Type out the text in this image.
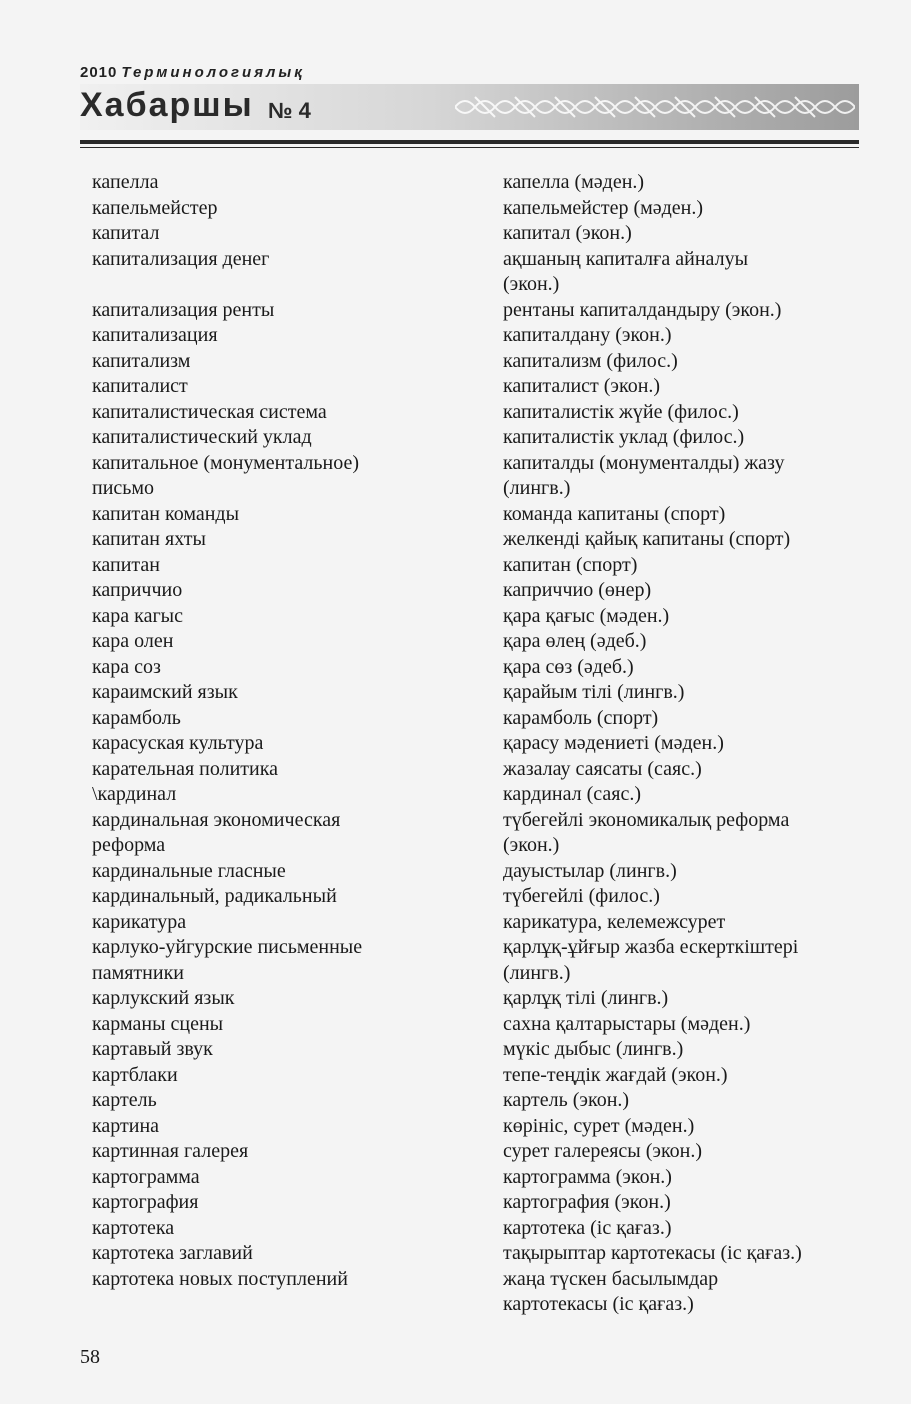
2010 Терминологиялық
Хабаршы № 4
капелла
капельмейстер
капитал
капитализация денег

капитализация ренты
капитализация
капитализм
капиталист
капиталистическая система
капиталистический уклад
капитальное (монументальное)
письмо
капитан команды
капитан яхты
капитан
каприччио
кара кагыс
кара олен
кара соз
караимский язык
карамболь
карасуская культура
карательная политика
\кардинал
кардинальная экономическая
реформа
кардинальные гласные
кардинальный, радикальный
карикатура
карлуко-уйгурские письменные
памятники
карлукский язык
карманы сцены
картавый звук
картблаки
картель
картина
картинная галерея
картограмма
картография
картотека
картотека заглавий
картотека новых поступлений
капелла (мәден.)
капельмейстер (мәден.)
капитал (экон.)
ақшаның капиталға айналуы
(экон.)
рентаны капиталдандыру (экон.)
капиталдану (экон.)
капитализм (филос.)
капиталист (экон.)
капиталистік жүйе (филос.)
капиталистік уклад (филос.)
капиталды (монументалды) жазу
(лингв.)
команда капитаны (спорт)
желкенді қайық капитаны (спорт)
капитан (спорт)
каприччио (өнер)
қара қағыс (мәден.)
қара өлең (әдеб.)
қара сөз (әдеб.)
қарайым тілі (лингв.)
карамболь (спорт)
қарасу мәдениеті (мәден.)
жазалау саясаты (саяс.)
кардинал (саяс.)
түбегейлі экономикалық реформа
(экон.)
дауыстылар (лингв.)
түбегейлі (филос.)
карикатура, келемежсурет
қарлұқ-ұйғыр жазба ескерткіштері
(лингв.)
қарлұқ тілі (лингв.)
сахна қалтарыстары (мәден.)
мүкіс дыбыс (лингв.)
тепе-теңдік жағдай (экон.)
картель (экон.)
көрініс, сурет (мәден.)
сурет галереясы (экон.)
картограмма (экон.)
картография (экон.)
картотека (іс қағаз.)
тақырыптар картотекасы (іс қағаз.)
жаңа түскен басылымдар
картотекасы (іс қағаз.)
58
